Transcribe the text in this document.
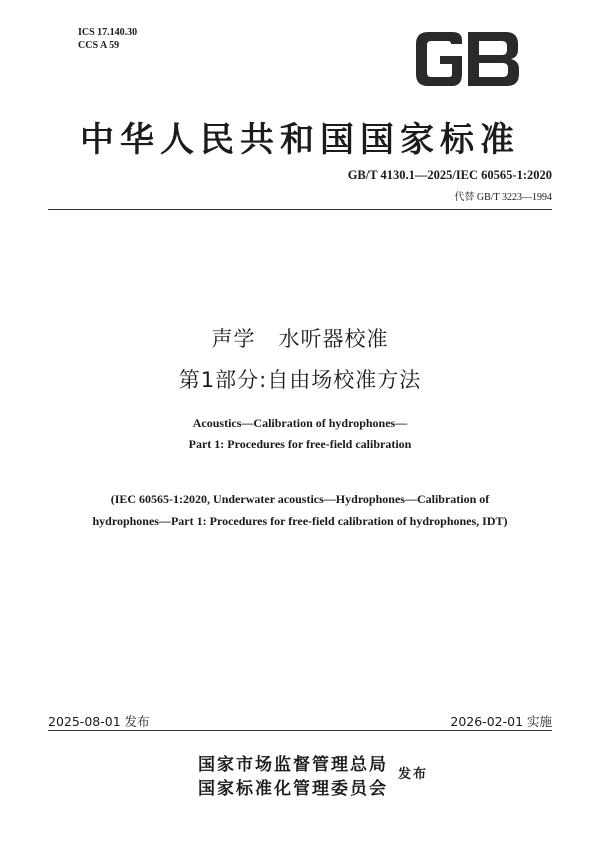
ICS 17.140.30
CCS A 59
中华人民共和国国家标准
GB/T 4130.1—2025/IEC 60565-1:2020
代替 GB/T 3223—1994
声学   水听器校准
第1部分:自由场校准方法
Acoustics—Calibration of hydrophones—
Part 1: Procedures for free-field calibration
(IEC 60565-1:2020, Underwater acoustics—Hydrophones—Calibration of
hydrophones—Part 1: Procedures for free-field calibration of hydrophones, IDT)
2025-08-01 发布	2026-02-01 实施
国家市场监督管理总局
国家标准化管理委员会
发布
